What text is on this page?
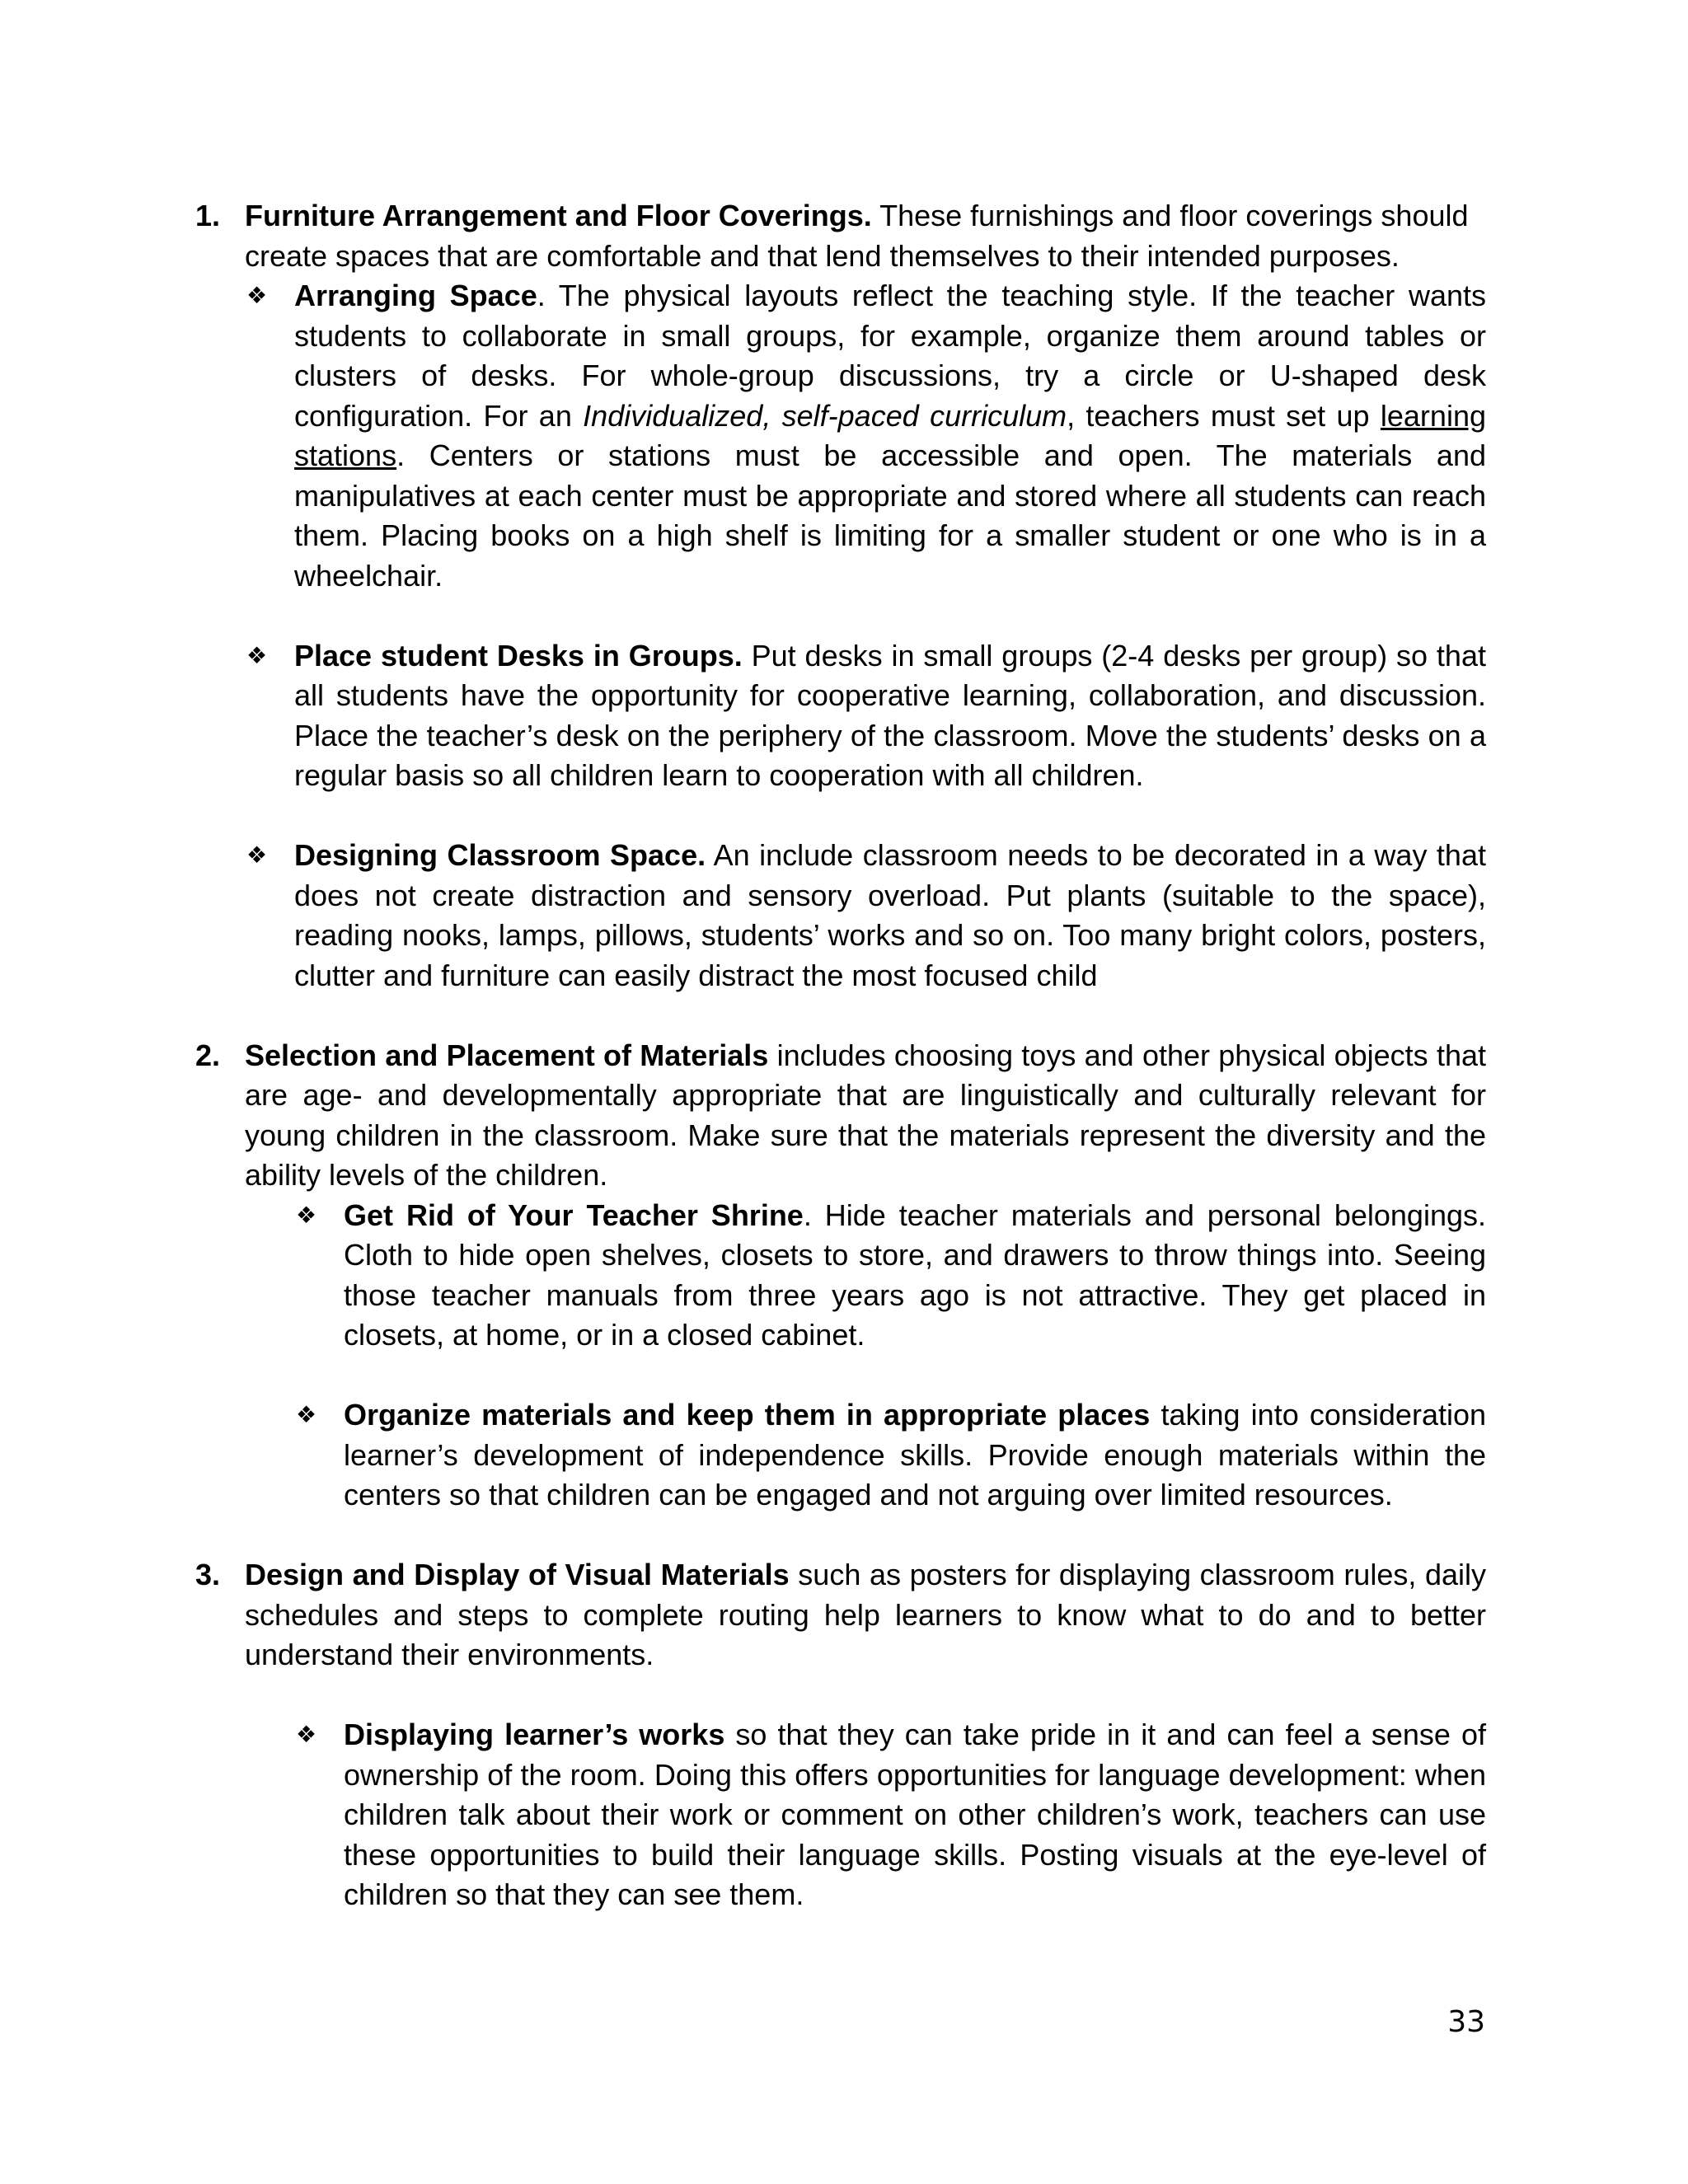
1. Furniture Arrangement and Floor Coverings. These furnishings and floor coverings should create spaces that are comfortable and that lend themselves to their intended purposes.

❖ Arranging Space. The physical layouts reflect the teaching style. If the teacher wants students to collaborate in small groups, for example, organize them around tables or clusters of desks. For whole-group discussions, try a circle or U-shaped desk configuration. For an Individualized, self-paced curriculum, teachers must set up learning stations. Centers or stations must be accessible and open. The materials and manipulatives at each center must be appropriate and stored where all students can reach them. Placing books on a high shelf is limiting for a smaller student or one who is in a wheelchair.

❖ Place student Desks in Groups. Put desks in small groups (2-4 desks per group) so that all students have the opportunity for cooperative learning, collaboration, and discussion. Place the teacher’s desk on the periphery of the classroom. Move the students’ desks on a regular basis so all children learn to cooperation with all children.

❖ Designing Classroom Space. An include classroom needs to be decorated in a way that does not create distraction and sensory overload. Put plants (suitable to the space), reading nooks, lamps, pillows, students’ works and so on. Too many bright colors, posters, clutter and furniture can easily distract the most focused child

2. Selection and Placement of Materials includes choosing toys and other physical objects that are age- and developmentally appropriate that are linguistically and culturally relevant for young children in the classroom. Make sure that the materials represent the diversity and the ability levels of the children.

❖ Get Rid of Your Teacher Shrine. Hide teacher materials and personal belongings. Cloth to hide open shelves, closets to store, and drawers to throw things into. Seeing those teacher manuals from three years ago is not attractive. They get placed in closets, at home, or in a closed cabinet.

❖ Organize materials and keep them in appropriate places taking into consideration learner’s development of independence skills. Provide enough materials within the centers so that children can be engaged and not arguing over limited resources.

3. Design and Display of Visual Materials such as posters for displaying classroom rules, daily schedules and steps to complete routing help learners to know what to do and to better understand their environments.

❖ Displaying learner’s works so that they can take pride in it and can feel a sense of ownership of the room. Doing this offers opportunities for language development: when children talk about their work or comment on other children’s work, teachers can use these opportunities to build their language skills. Posting visuals at the eye-level of children so that they can see them.

33
